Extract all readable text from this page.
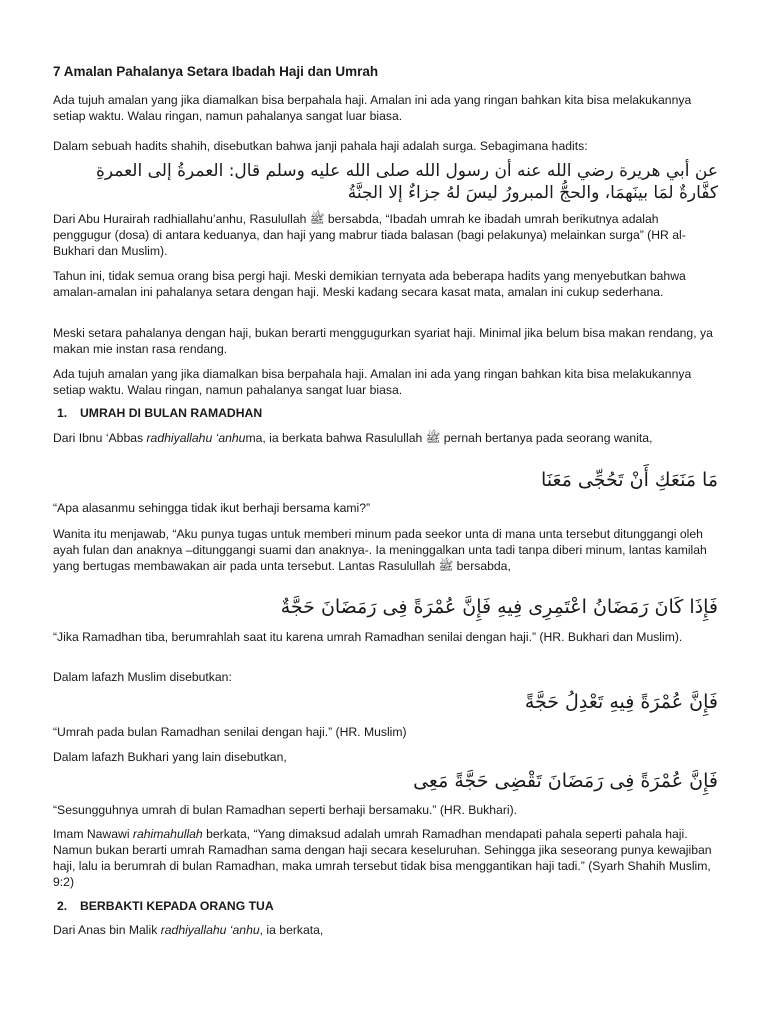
7 Amalan Pahalanya Setara Ibadah Haji dan Umrah

Ada tujuh amalan yang jika diamalkan bisa berpahala haji. Amalan ini ada yang ringan bahkan kita bisa melakukannya setiap waktu. Walau ringan, namun pahalanya sangat luar biasa.

Dalam sebuah hadits shahih, disebutkan bahwa janji pahala haji adalah surga. Sebagimana hadits:

عن أبي هريرة رضي الله عنه أن رسول الله صلى الله عليه وسلم قال: العمرةُ إلى العمرةِ كفَّارةٌ لمَا بينَهمَا، والحجُّ المبرورُ ليسَ لهُ جزاءٌ إلا الجنَّةُ

Dari Abu Hurairah radhiallahu’anhu, Rasulullah ﷺ bersabda, “Ibadah umrah ke ibadah umrah berikutnya adalah penggugur (dosa) di antara keduanya, dan haji yang mabrur tiada balasan (bagi pelakunya) melainkan surga” (HR al-Bukhari dan Muslim).

Tahun ini, tidak semua orang bisa pergi haji. Meski demikian ternyata ada beberapa hadits yang menyebutkan bahwa amalan-amalan ini pahalanya setara dengan haji. Meski kadang secara kasat mata, amalan ini cukup sederhana.

Meski setara pahalanya dengan haji, bukan berarti menggugurkan syariat haji. Minimal jika belum bisa makan rendang, ya makan mie instan rasa rendang.

Ada tujuh amalan yang jika diamalkan bisa berpahala haji. Amalan ini ada yang ringan bahkan kita bisa melakukannya setiap waktu. Walau ringan, namun pahalanya sangat luar biasa.

1. UMRAH DI BULAN RAMADHAN

Dari Ibnu ‘Abbas radhiyallahu ‘anhuma, ia berkata bahwa Rasulullah ﷺ pernah bertanya pada seorang wanita,

مَا مَنَعَكِ أَنْ تَحُجِّى مَعَنَا

“Apa alasanmu sehingga tidak ikut berhaji bersama kami?”

Wanita itu menjawab, “Aku punya tugas untuk memberi minum pada seekor unta di mana unta tersebut ditunggangi oleh ayah fulan dan anaknya –ditunggangi suami dan anaknya-. Ia meninggalkan unta tadi tanpa diberi minum, lantas kamilah yang bertugas membawakan air pada unta tersebut. Lantas Rasulullah ﷺ bersabda,

فَإِذَا كَانَ رَمَضَانُ اعْتَمِرِى فِيهِ فَإِنَّ عُمْرَةً فِى رَمَضَانَ حَجَّةٌ

“Jika Ramadhan tiba, berumrahlah saat itu karena umrah Ramadhan senilai dengan haji.” (HR. Bukhari dan Muslim).

Dalam lafazh Muslim disebutkan:

فَإِنَّ عُمْرَةً فِيهِ تَعْدِلُ حَجَّةً

“Umrah pada bulan Ramadhan senilai dengan haji.” (HR. Muslim)

Dalam lafazh Bukhari yang lain disebutkan,

فَإِنَّ عُمْرَةً فِى رَمَضَانَ تَقْضِى حَجَّةً مَعِى

“Sesungguhnya umrah di bulan Ramadhan seperti berhaji bersamaku.” (HR. Bukhari).

Imam Nawawi rahimahullah berkata, “Yang dimaksud adalah umrah Ramadhan mendapati pahala seperti pahala haji. Namun bukan berarti umrah Ramadhan sama dengan haji secara keseluruhan. Sehingga jika seseorang punya kewajiban haji, lalu ia berumrah di bulan Ramadhan, maka umrah tersebut tidak bisa menggantikan haji tadi.” (Syarh Shahih Muslim, 9:2)

2. BERBAKTI KEPADA ORANG TUA

Dari Anas bin Malik radhiyallahu ‘anhu, ia berkata,
